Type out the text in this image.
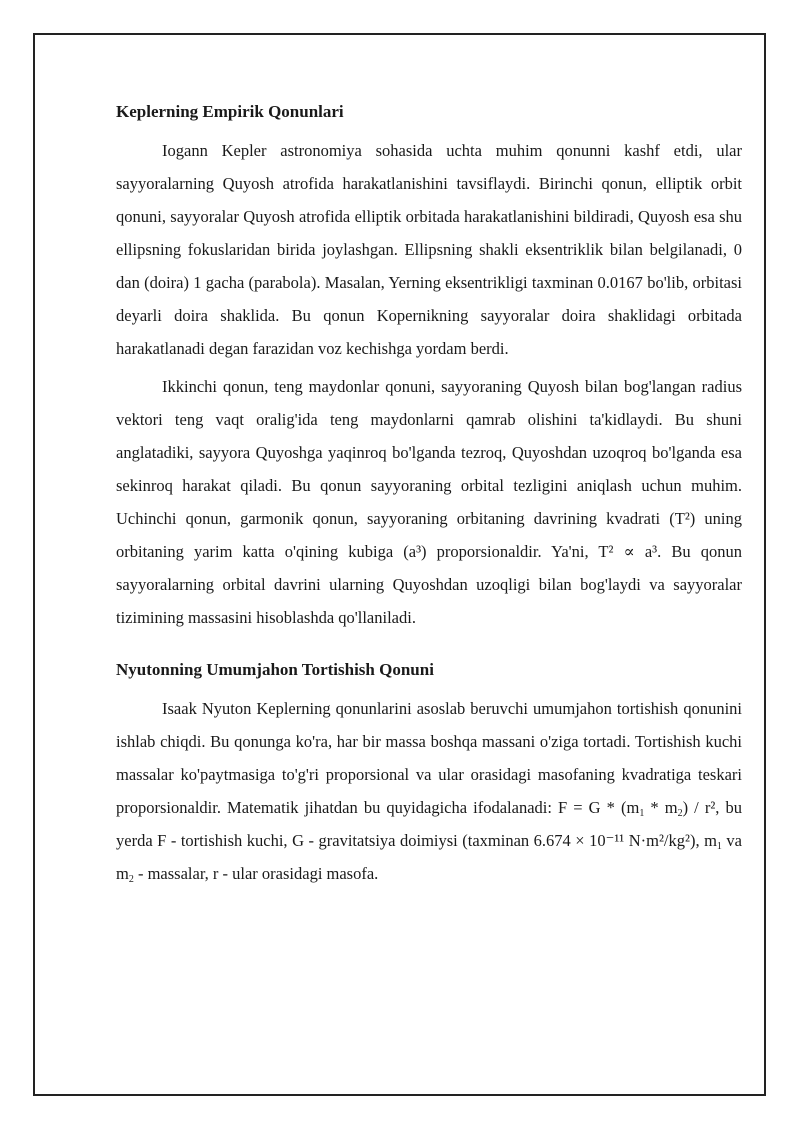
Keplerning Empirik Qonunlari

Iogann Kepler astronomiya sohasida uchta muhim qonunni kashf etdi, ular sayyoralarning Quyosh atrofida harakatlanishini tavsiflaydi. Birinchi qonun, elliptik orbit qonuni, sayyoralar Quyosh atrofida elliptik orbitada harakatlanishini bildiradi, Quyosh esa shu ellipsning fokuslaridan birida joylashgan. Ellipsning shakli eksentriklik bilan belgilanadi, 0 dan (doira) 1 gacha (parabola). Masalan, Yerning eksentrikligi taxminan 0.0167 bo'lib, orbitasi deyarli doira shaklida. Bu qonun Kopernikning sayyoralar doira shaklidagi orbitada harakatlanadi degan farazidan voz kechishga yordam berdi.

Ikkinchi qonun, teng maydonlar qonuni, sayyoraning Quyosh bilan bog'langan radius vektori teng vaqt oralig'ida teng maydonlarni qamrab olishini ta'kidlaydi. Bu shuni anglatadiki, sayyora Quyoshga yaqinroq bo'lganda tezroq, Quyoshdan uzoqroq bo'lganda esa sekinroq harakat qiladi. Bu qonun sayyoraning orbital tezligini aniqlash uchun muhim. Uchinchi qonun, garmonik qonun, sayyoraning orbitaning davrining kvadrati (T²) uning orbitaning yarim katta o'qining kubiga (a³) proporsionaldir. Ya'ni, T² ∝ a³. Bu qonun sayyoralarning orbital davrini ularning Quyoshdan uzoqligi bilan bog'laydi va sayyoralar tizimining massasini hisoblashda qo'llaniladi.

Nyutonning Umumjahon Tortishish Qonuni

Isaak Nyuton Keplerning qonunlarini asoslab beruvchi umumjahon tortishish qonunini ishlab chiqdi. Bu qonunga ko'ra, har bir massa boshqa massani o'ziga tortadi. Tortishish kuchi massalar ko'paytmasiga to'g'ri proporsional va ular orasidagi masofaning kvadratiga teskari proporsionaldir. Matematik jihatdan bu quyidagicha ifodalanadi: $F = G * (m_1 * m_2) / r^2$, bu yerda F - tortishish kuchi, G - gravitatsiya doimiysi (taxminan 6.674 × 10⁻¹¹ N·m²/kg²), $m_1$ va $m_2$ - massalar, r - ular orasidagi masofa.
